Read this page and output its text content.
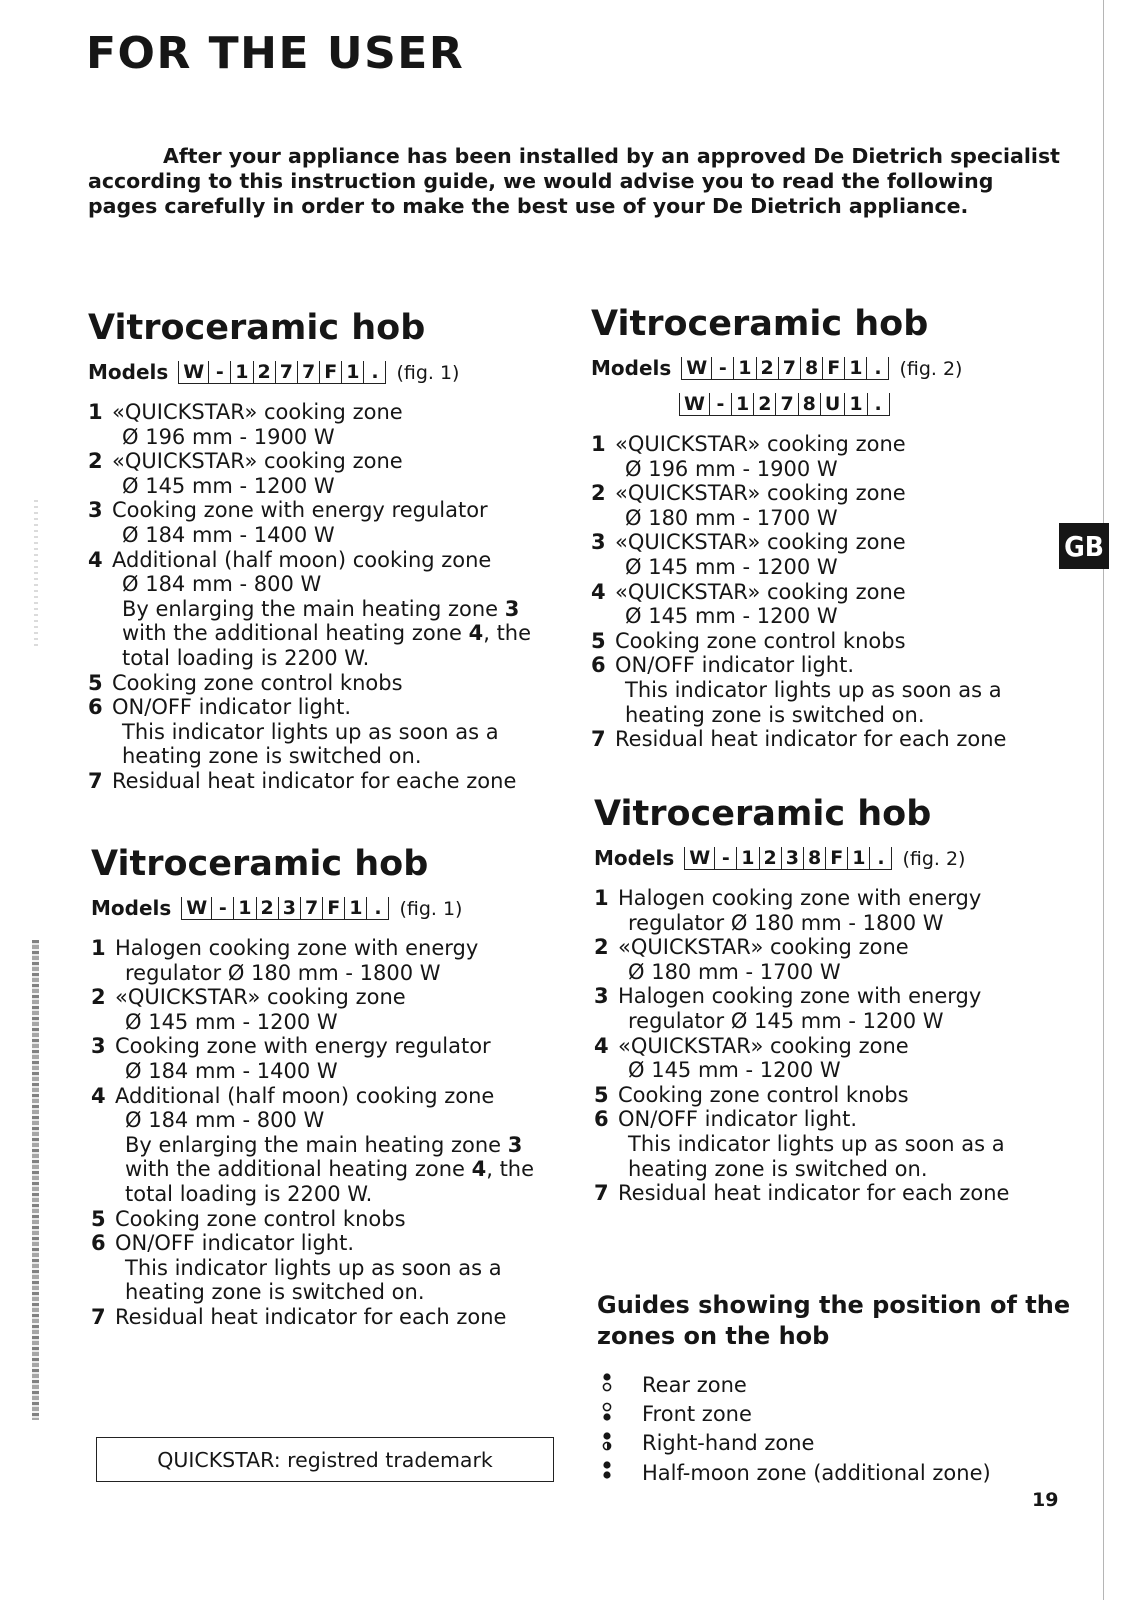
FOR THE USER

After your appliance has been installed by an approved De Dietrich specialist according to this instruction guide, we would advise you to read the following pages carefully in order to make the best use of your De Dietrich appliance.

Vitroceramic hob
Models W - 1 2 7 7 F 1 . (fig. 1)
1 «QUICKSTAR» cooking zone
Ø 196 mm - 1900 W
2 «QUICKSTAR» cooking zone
Ø 145 mm - 1200 W
3 Cooking zone with energy regulator
Ø 184 mm - 1400 W
4 Additional (half moon) cooking zone
Ø 184 mm - 800 W
By enlarging the main heating zone 3 with the additional heating zone 4, the total loading is 2200 W.
5 Cooking zone control knobs
6 ON/OFF indicator light.
This indicator lights up as soon as a heating zone is switched on.
7 Residual heat indicator for eache zone
Vitroceramic hob
Models W - 1 2 3 7 F 1 . (fig. 1)
1 Halogen cooking zone with energy
regulator Ø 180 mm - 1800 W
2 «QUICKSTAR» cooking zone
Ø 145 mm - 1200 W
3 Cooking zone with energy regulator
Ø 184 mm - 1400 W
4 Additional (half moon) cooking zone
Ø 184 mm - 800 W
By enlarging the main heating zone 3 with the additional heating zone 4, the total loading is 2200 W.
5 Cooking zone control knobs
6 ON/OFF indicator light.
This indicator lights up as soon as a heating zone is switched on.
7 Residual heat indicator for each zone
Vitroceramic hob
Models W - 1 2 7 8 F 1 . (fig. 2)
W - 1 2 7 8 U 1 .
1 «QUICKSTAR» cooking zone
Ø 196 mm - 1900 W
2 «QUICKSTAR» cooking zone
Ø 180 mm - 1700 W
3 «QUICKSTAR» cooking zone
Ø 145 mm - 1200 W
4 «QUICKSTAR» cooking zone
Ø 145 mm - 1200 W
5 Cooking zone control knobs
6 ON/OFF indicator light.
This indicator lights up as soon as a heating zone is switched on.
7 Residual heat indicator for each zone
Vitroceramic hob
Models W - 1 2 3 8 F 1 . (fig. 2)
1 Halogen cooking zone with energy
regulator Ø 180 mm - 1800 W
2 «QUICKSTAR» cooking zone
Ø 180 mm - 1700 W
3 Halogen cooking zone with energy
regulator Ø 145 mm - 1200 W
4 «QUICKSTAR» cooking zone
Ø 145 mm - 1200 W
5 Cooking zone control knobs
6 ON/OFF indicator light.
This indicator lights up as soon as a heating zone is switched on.
7 Residual heat indicator for each zone
Guides showing the position of the zones on the hob
Rear zone
Front zone
Right-hand zone
Half-moon zone (additional zone)
QUICKSTAR: registred trademark
GB
19
